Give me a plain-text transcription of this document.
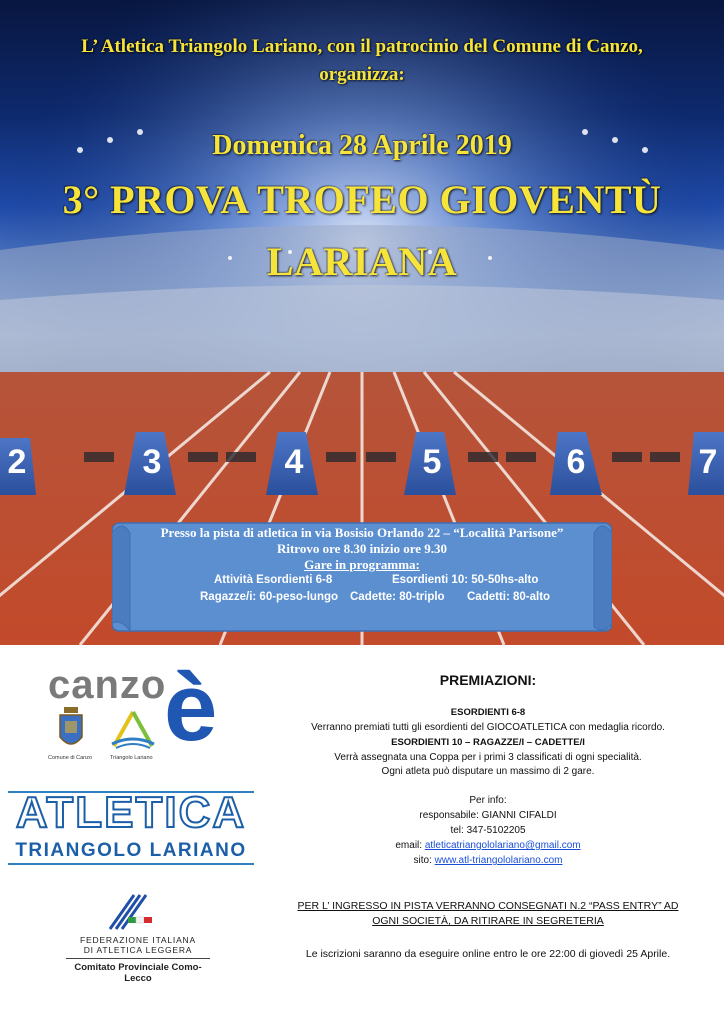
2	3	4	5	6	7
L’ Atletica Triangolo Lariano, con il patrocinio del Comune di Canzo,
organizza:
Domenica 28 Aprile 2019
3° PROVA TROFEO GIOVENTÙ
LARIANA
Presso la pista di atletica in via Bosisio Orlando 22 – “Località Parisone”
Ritrovo ore 8.30 inizio ore 9.30
Gare in programma:
Attività Esordienti 6-8	Esordienti 10: 50-50hs-alto
Ragazze/i: 60-peso-lungo Cadette: 80-triplo Cadetti: 80-alto
canzo
è
Comune di Canzo	Triangolo Lariano
ATLETICA
TRIANGOLO LARIANO
FEDERAZIONE ITALIANA
DI ATLETICA LEGGERA
Comitato Provinciale Como-Lecco
PREMIAZIONI:
ESORDIENTI 6-8
Verranno premiati tutti gli esordienti del GIOCOATLETICA con medaglia ricordo.
ESORDIENTI 10 – RAGAZZE/I – CADETTE/I
Verrà assegnata una Coppa per i primi 3 classificati di ogni specialità.
Ogni atleta può disputare un massimo di 2 gare.
Per info:
responsabile: GIANNI CIFALDI
tel: 347-5102205
email: atleticatriangololariano@gmail.com
sito: www.atl-triangololariano.com
PER L’ INGRESSO IN PISTA VERRANNO CONSEGNATI N.2 “PASS ENTRY” AD
OGNI SOCIETÀ, DA RITIRARE IN SEGRETERIA
Le iscrizioni saranno da eseguire online entro le ore 22:00 di giovedì 25 Aprile.
